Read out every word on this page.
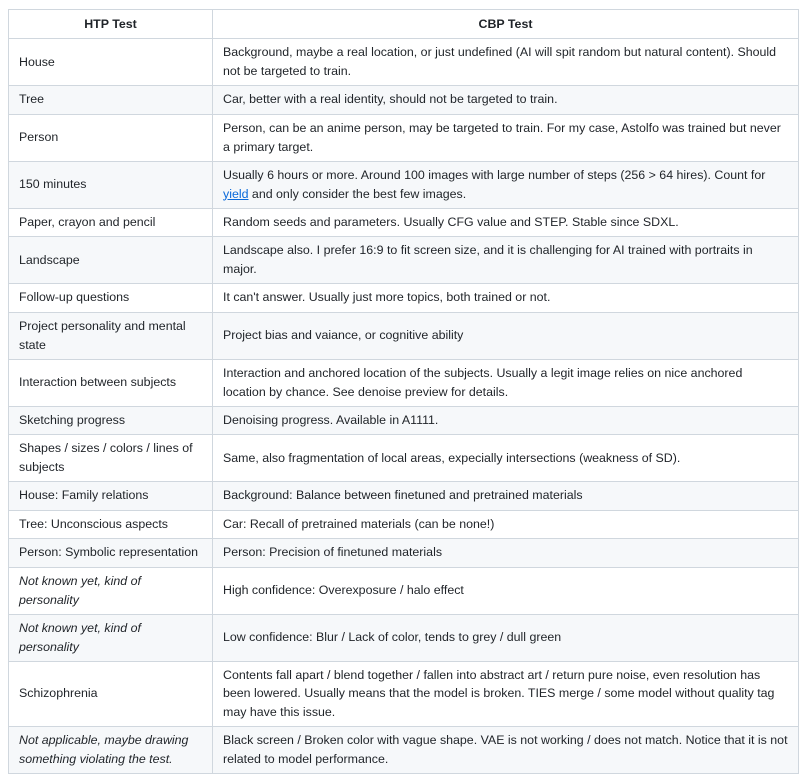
HTP Test	CBP Test
House	Background, maybe a real location, or just undefined (AI will spit random but natural content). Should not be targeted to train.
Tree	Car, better with a real identity, should not be targeted to train.
Person	Person, can be an anime person, may be targeted to train. For my case, Astolfo was trained but never a primary target.
150 minutes	Usually 6 hours or more. Around 100 images with large number of steps (256 > 64 hires). Count for yield and only consider the best few images.
Paper, crayon and pencil	Random seeds and parameters. Usually CFG value and STEP. Stable since SDXL.
Landscape	Landscape also. I prefer 16:9 to fit screen size, and it is challenging for AI trained with portraits in major.
Follow-up questions	It can't answer. Usually just more topics, both trained or not.
Project personality and mental state	Project bias and vaiance, or cognitive ability
Interaction between subjects	Interaction and anchored location of the subjects. Usually a legit image relies on nice anchored location by chance. See denoise preview for details.
Sketching progress	Denoising progress. Available in A1111.
Shapes / sizes / colors / lines of subjects	Same, also fragmentation of local areas, expecially intersections (weakness of SD).
House: Family relations	Background: Balance between finetuned and pretrained materials
Tree: Unconscious aspects	Car: Recall of pretrained materials (can be none!)
Person: Symbolic representation	Person: Precision of finetuned materials
Not known yet, kind of personality	High confidence: Overexposure / halo effect
Not known yet, kind of personality	Low confidence: Blur / Lack of color, tends to grey / dull green
Schizophrenia	Contents fall apart / blend together / fallen into abstract art / return pure noise, even resolution has been lowered. Usually means that the model is broken. TIES merge / some model without quality tag may have this issue.
Not applicable, maybe drawing something violating the test.	Black screen / Broken color with vague shape. VAE is not working / does not match. Notice that it is not related to model performance.
